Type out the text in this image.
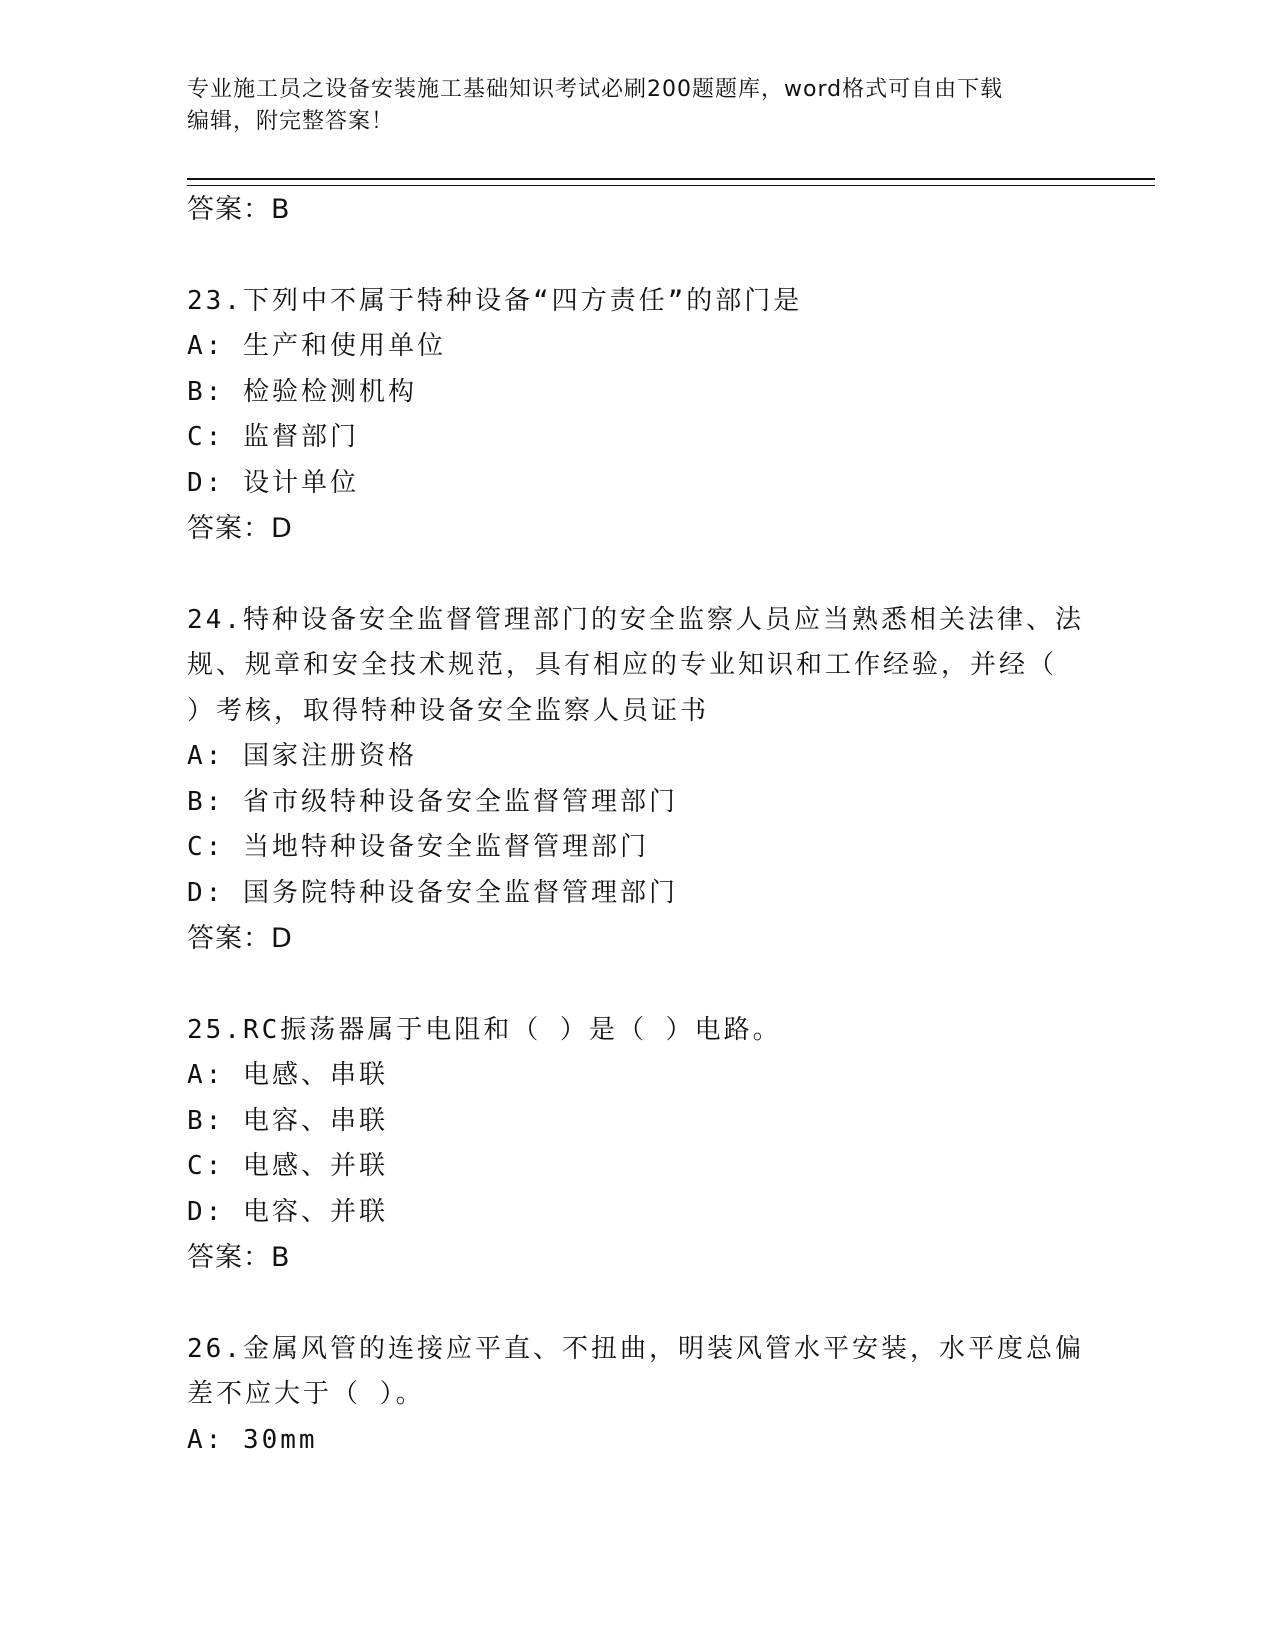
专业施工员之设备安装施工基础知识考试必刷200题题库，word格式可自由下载
编辑，附完整答案！
答案：B
23.下列中不属于特种设备“四方责任”的部门是
A: 生产和使用单位
B: 检验检测机构
C: 监督部门
D: 设计单位
答案：D
24.特种设备安全监督管理部门的安全监察人员应当熟悉相关法律、法
规、规章和安全技术规范，具有相应的专业知识和工作经验，并经（
）考核，取得特种设备安全监察人员证书
A: 国家注册资格
B: 省市级特种设备安全监督管理部门
C: 当地特种设备安全监督管理部门
D: 国务院特种设备安全监督管理部门
答案：D
25.RC振荡器属于电阻和（ ）是（ ）电路。
A: 电感、串联
B: 电容、串联
C: 电感、并联
D: 电容、并联
答案：B
26.金属风管的连接应平直、不扭曲，明装风管水平安装，水平度总偏
差不应大于（ ）。
A: 30mm
